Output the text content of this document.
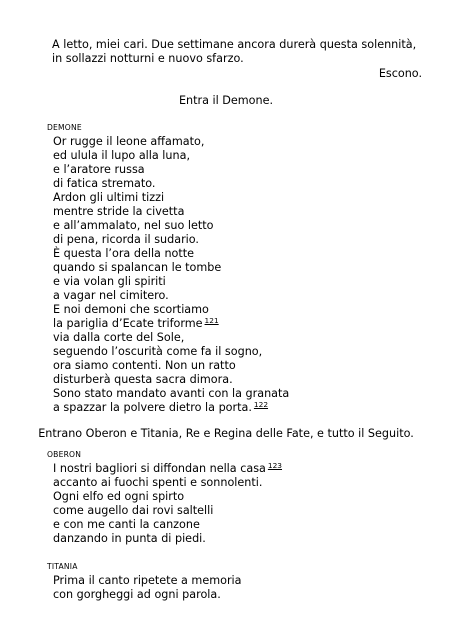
A letto, miei cari. Due settimane ancora durerà questa solennità,
in sollazzi notturni e nuovo sfarzo.
Escono.
Entra il Demone.
DEMONE
Or rugge il leone affamato,
ed ulula il lupo alla luna,
e l’aratore russa
di fatica stremato.
Ardon gli ultimi tizzi
mentre stride la civetta
e all’ammalato, nel suo letto
di pena, ricorda il sudario.
È questa l’ora della notte
quando si spalancan le tombe
e via volan gli spiriti
a vagar nel cimitero.
E noi demoni che scortiamo
la pariglia d’Ecate triforme $^{121}$
via dalla corte del Sole,
seguendo l’oscurità come fa il sogno,
ora siamo contenti. Non un ratto
disturberà questa sacra dimora.
Sono stato mandato avanti con la granata
a spazzar la polvere dietro la porta. $^{122}$
Entrano Oberon e Titania, Re e Regina delle Fate, e tutto il Seguito.
OBERON
I nostri bagliori si diffondan nella casa $^{123}$
accanto ai fuochi spenti e sonnolenti.
Ogni elfo ed ogni spirto
come augello dai rovi saltelli
e con me canti la canzone
danzando in punta di piedi.
TITANIA
Prima il canto ripetete a memoria
con gorgheggi ad ogni parola.
